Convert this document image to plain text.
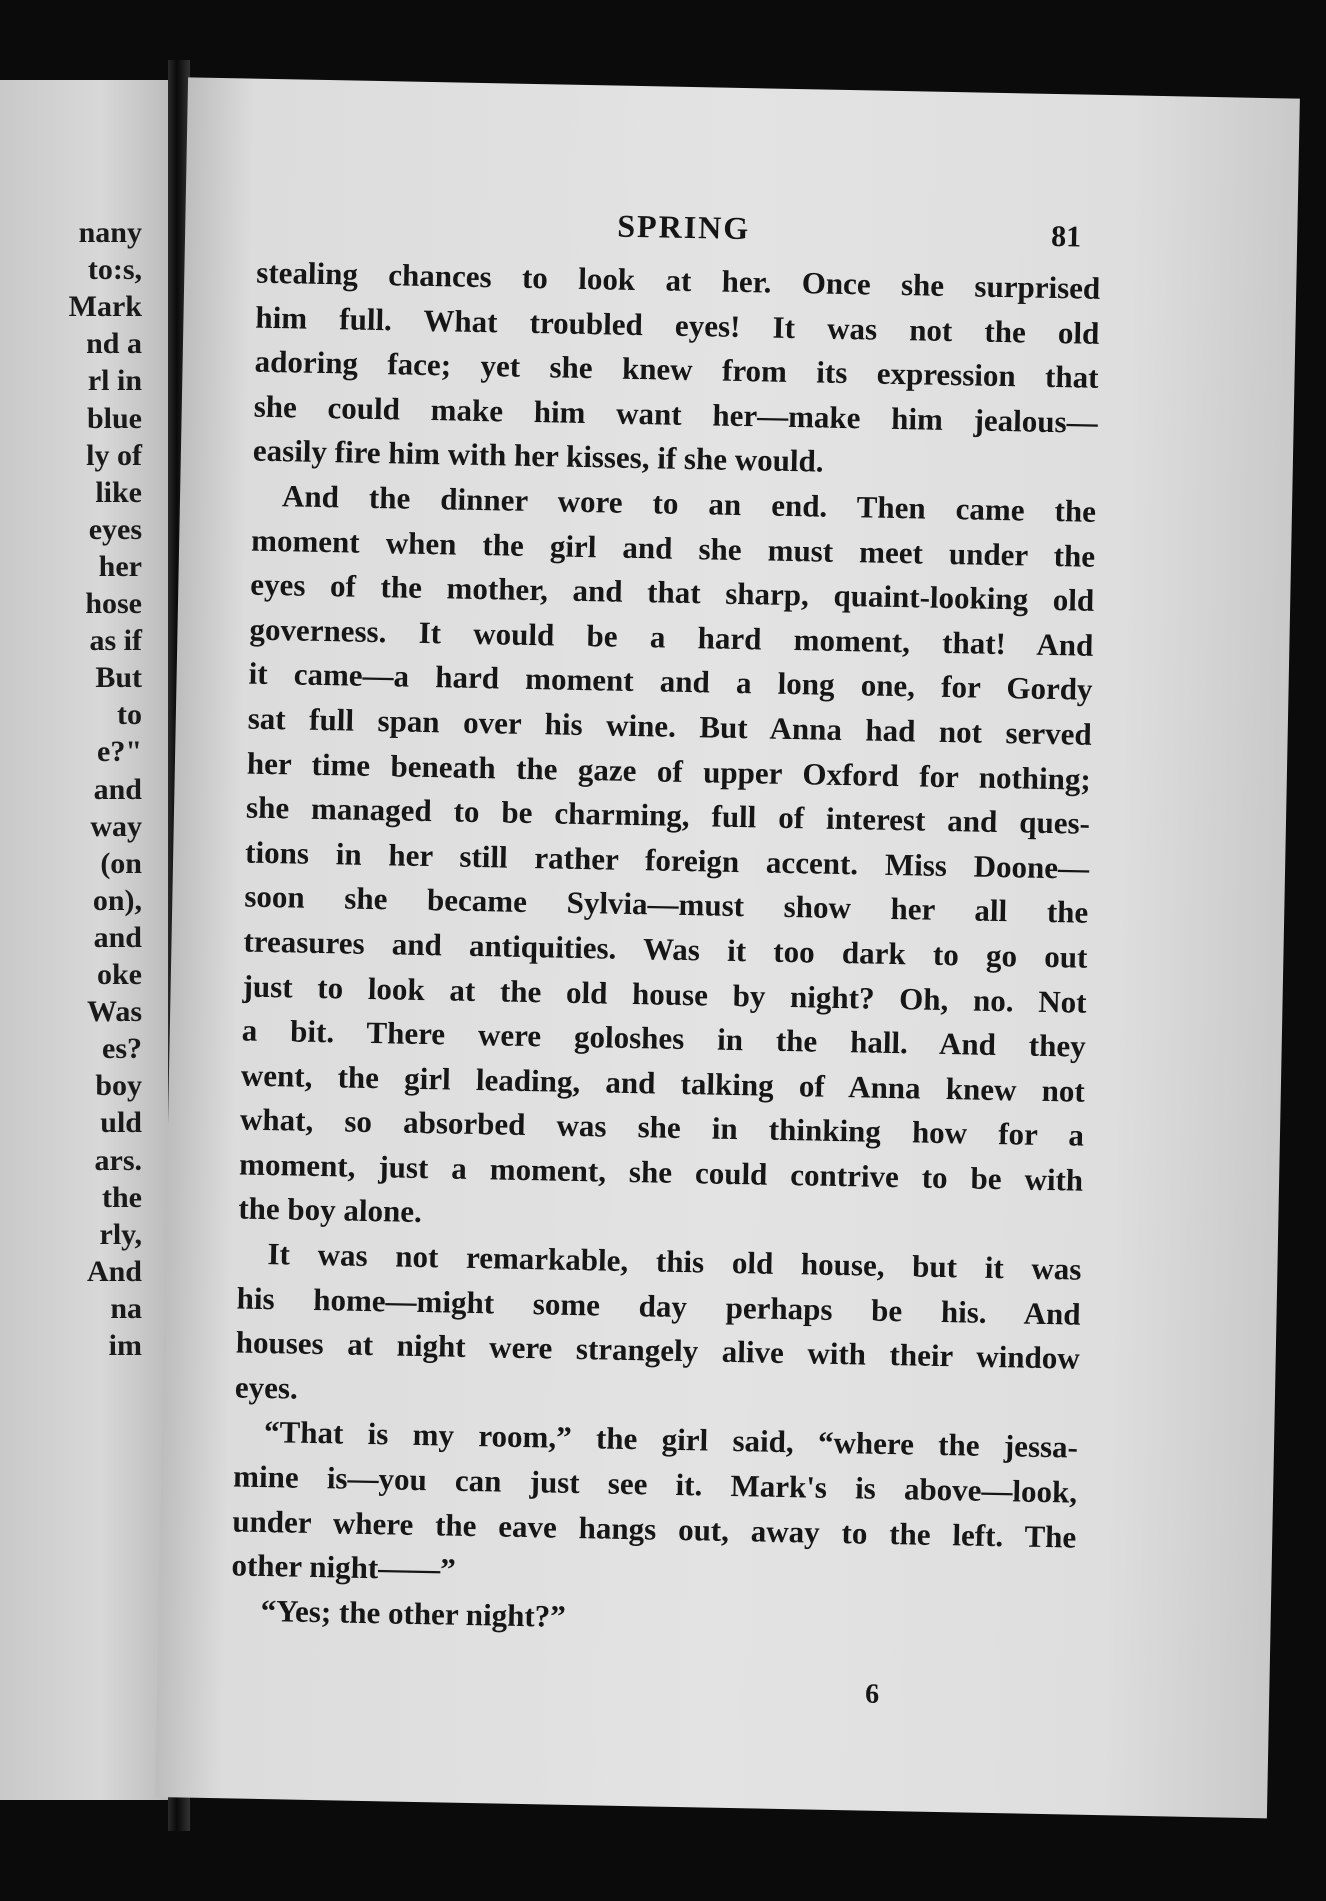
nany
to:s,
Mark
nd a
rl in
blue
ly of
like
eyes
her
hose
as if
But
to
e?"
and
way
(on
on),
and
oke
Was
es?
boy
uld
ars.
the
rly,
And
na
im
SPRING	81

stealing chances to look at her. Once she surprised
him full. What troubled eyes! It was not the old
adoring face; yet she knew from its expression that
she could make him want her—make him jealous—
easily fire him with her kisses, if she would.

And the dinner wore to an end. Then came the
moment when the girl and she must meet under the
eyes of the mother, and that sharp, quaint-looking old
governess. It would be a hard moment, that! And
it came—a hard moment and a long one, for Gordy
sat full span over his wine. But Anna had not served
her time beneath the gaze of upper Oxford for nothing;
she managed to be charming, full of interest and ques-
tions in her still rather foreign accent. Miss Doone—
soon she became Sylvia—must show her all the
treasures and antiquities. Was it too dark to go out
just to look at the old house by night? Oh, no. Not
a bit. There were goloshes in the hall. And they
went, the girl leading, and talking of Anna knew not
what, so absorbed was she in thinking how for a
moment, just a moment, she could contrive to be with
the boy alone.

It was not remarkable, this old house, but it was
his home—might some day perhaps be his. And
houses at night were strangely alive with their window
eyes.

“That is my room,” the girl said, “where the jessa-
mine is—you can just see it. Mark's is above—look,
under where the eave hangs out, away to the left. The
other night——”

“Yes; the other night?”

6
